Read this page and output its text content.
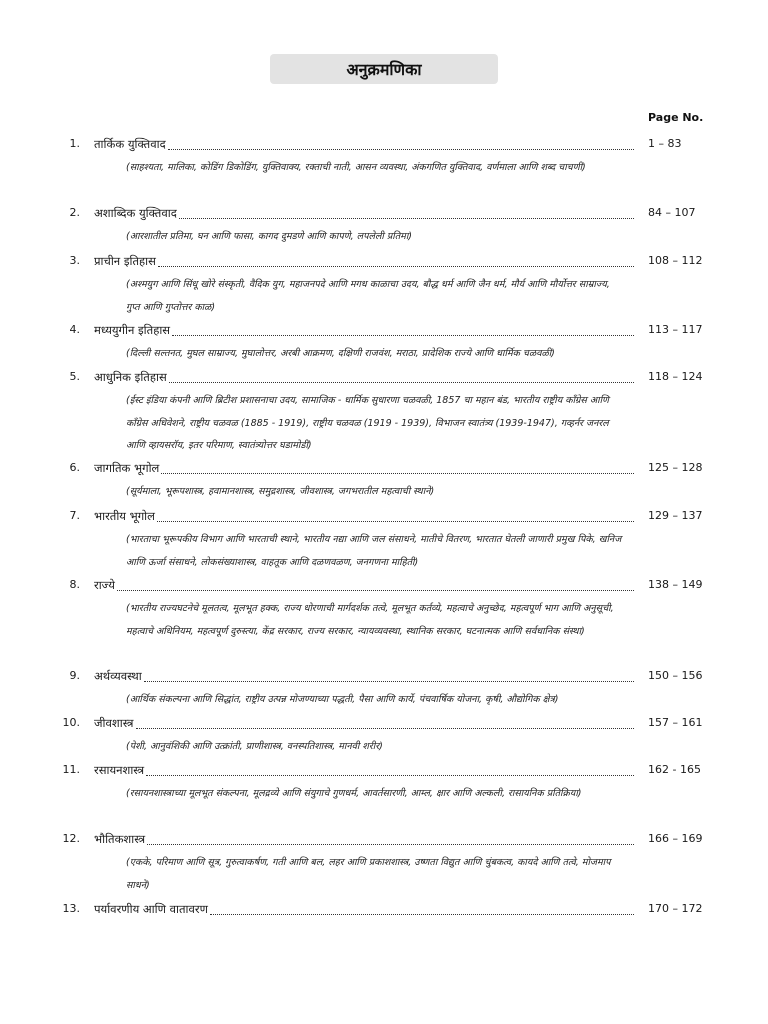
अनुक्रमणिका
Page No.
1. तार्किक युक्तिवाद	1 – 83
(साहश्यता, मालिका, कोडिंग डिकोडिंग, युक्तिवाक्य, रक्ताची नाती, आसन व्यवस्था, अंकगणित युक्तिवाद, वर्णमाला आणि शब्द चाचणी)
2. अशाब्दिक युक्तिवाद	84 – 107
(आरशातील प्रतिमा, घन आणि फासा, कागद दुमडणे आणि कापणे, लपलेली प्रतिमा)
3. प्राचीन इतिहास	108 – 112
(अश्मयुग आणि सिंधू खोरे संस्कृती, वैदिक युग, महाजनपदे आणि मगध काळाचा उदय, बौद्ध धर्म आणि जैन धर्म, मौर्य आणि मौर्योत्तर साम्राज्य, गुप्त आणि गुप्तोत्तर काळ)
4. मध्ययुगीन इतिहास	113 – 117
(दिल्ली सल्तनत, मुघल साम्राज्य, मुघालोत्तर, अरबी आक्रमण, दक्षिणी राजवंश, मराठा, प्रादेशिक राज्ये आणि धार्मिक चळवळी)
5. आधुनिक इतिहास	118 – 124
(ईस्ट इंडिया कंपनी आणि ब्रिटीश प्रशासनाचा उदय, सामाजिक - धार्मिक सुधारणा चळवळी, 1857 चा महान बंड, भारतीय राष्ट्रीय काँग्रेस आणि काँग्रेस अधिवेशने, राष्ट्रीय चळवळ (1885 - 1919), राष्ट्रीय चळवळ (1919 - 1939), विभाजन स्वातंत्र्य (1939-1947), गव्हर्नर जनरल आणि व्हायसरॉय, इतर परिमाण, स्वातंत्र्योत्तर घडामोडी)
6. जागतिक भूगोल	125 – 128
(सूर्यमाला, भूरूपशास्त्र, हवामानशास्त्र, समुद्रशास्त्र, जीवशास्त्र, जगभरातील महत्वाची स्थाने)
7. भारतीय भूगोल	129 – 137
(भारताचा भूरूपकीय विभाग आणि भारताची स्थाने, भारतीय नद्या आणि जल संसाधने, मातीचे वितरण, भारतात घेतली जाणारी प्रमुख पिके, खनिज आणि ऊर्जा संसाधने, लोकसंख्याशास्त्र, वाहतूक आणि दळणवळण, जनगणना माहिती)
8. राज्ये	138 – 149
(भारतीय राज्यघटनेचे मूलतत्व, मूलभूत हक्क, राज्य धोरणाची मार्गदर्शक तत्वे, मूलभूत कर्तव्ये, महत्वाचे अनुच्छेद, महत्वपूर्ण भाग आणि अनुसूची, महत्वाचे अधिनियम, महत्वपूर्ण दुरुस्त्या, केंद्र सरकार, राज्य सरकार, न्यायव्यवस्था, स्थानिक सरकार, घटनात्मक आणि सर्वधानिक संस्था)
9. अर्थव्यवस्था	150 – 156
(आर्थिक संकल्पना आणि सिद्धांत, राष्ट्रीय उत्पन्न मोजण्याच्या पद्धती, पैसा आणि कार्ये, पंचवार्षिक योजना, कृषी, औद्योगिक क्षेत्र)
10. जीवशास्त्र	157 – 161
(पेशी, आनुवंशिकी आणि उत्क्रांती, प्राणीशास्त्र, वनस्पतिशास्त्र, मानवी शरीर)
11. रसायनशास्त्र	162 - 165
(रसायनशास्त्राच्या मूलभूत संकल्पना, मूलद्रव्ये आणि संयुगाचे गुणधर्म, आवर्तसारणी, आम्ल, क्षार आणि अल्कली, रासायनिक प्रतिक्रिया)
12. भौतिकशास्त्र	166 – 169
(एकके, परिमाण आणि सूत्र, गुरुत्वाकर्षण, गती आणि बल, लहर आणि प्रकाशशास्त्र, उष्णता विद्युत आणि चुंबकत्व, कायदे आणि तत्वे, मोजमाप साधने)
13. पर्यावरणीय आणि वातावरण	170 – 172
